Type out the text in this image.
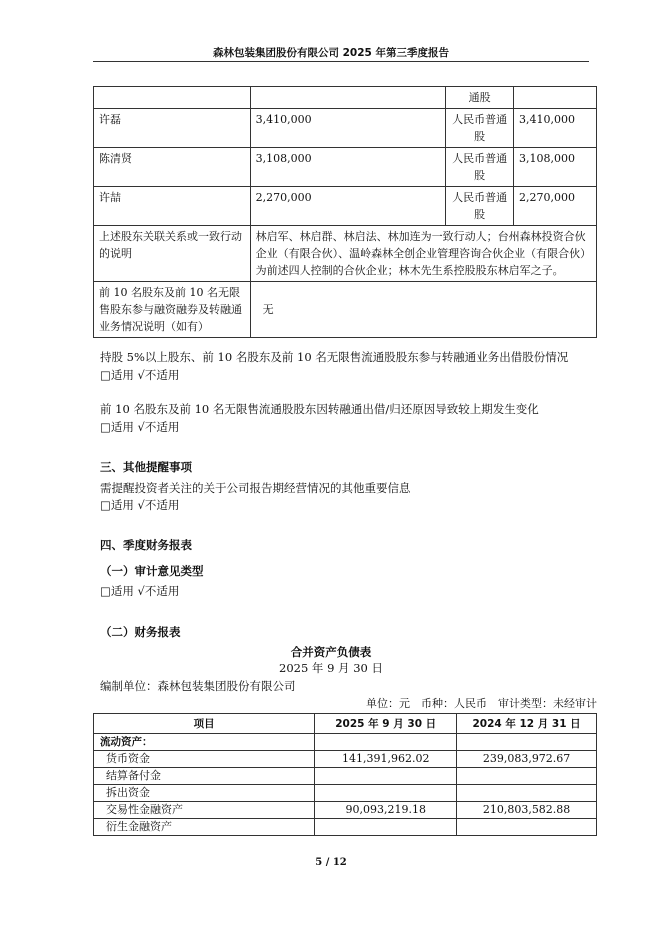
森林包装集团股份有限公司 2025 年第三季度报告
		通股	
许磊	3,410,000	人民币普通股	3,410,000
陈清贤	3,108,000	人民币普通股	3,108,000
许喆	2,270,000	人民币普通股	2,270,000
上述股东关联关系或一致行动的说明	林启军、林启群、林启法、林加连为一致行动人；台州森林投资合伙企业（有限合伙）、温岭森林全创企业管理咨询合伙企业（有限合伙）为前述四人控制的合伙企业；林木先生系控股股东林启军之子。		
前 10 名股东及前 10 名无限售股东参与融资融券及转融通业务情况说明（如有）	无		
持股 5%以上股东、前 10 名股东及前 10 名无限售流通股股东参与转融通业务出借股份情况
□适用 √不适用
前 10 名股东及前 10 名无限售流通股股东因转融通出借/归还原因导致较上期发生变化
□适用 √不适用
三、其他提醒事项
需提醒投资者关注的关于公司报告期经营情况的其他重要信息
□适用 √不适用
四、季度财务报表
（一）审计意见类型
□适用 √不适用
（二）财务报表
合并资产负债表
2025 年 9 月 30 日
编制单位：森林包装集团股份有限公司
单位：元　币种：人民币　审计类型：未经审计
项目	2025 年 9 月 30 日	2024 年 12 月 31 日
流动资产：		
货币资金	141,391,962.02	239,083,972.67
结算备付金		
拆出资金		
交易性金融资产	90,093,219.18	210,803,582.88
衍生金融资产		
5 / 12
